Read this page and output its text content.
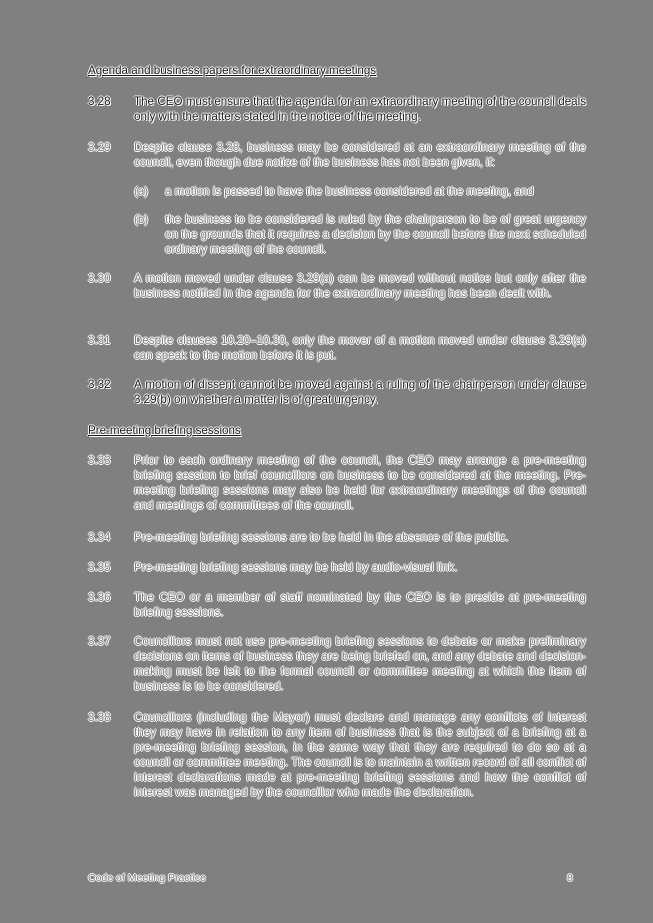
Agenda and business papers for extraordinary meetings
3.28 The CEO must ensure that the agenda for an extraordinary meeting of the council deals only with the matters stated in the notice of the meeting.
3.29 Despite clause 3.28, business may be considered at an extraordinary meeting of the council, even though due notice of the business has not been given, if:
(a) a motion is passed to have the business considered at the meeting, and
(b) the business to be considered is ruled by the chairperson to be of great urgency on the grounds that it requires a decision by the council before the next scheduled ordinary meeting of the council.
3.30 A motion moved under clause 3.29(a) can be moved without notice but only after the business notified in the agenda for the extraordinary meeting has been dealt with.
3.31 Despite clauses 10.20–10.30, only the mover of a motion moved under clause 3.29(a) can speak to the motion before it is put.
3.32 A motion of dissent cannot be moved against a ruling of the chairperson under clause 3.29(b) on whether a matter is of great urgency.
Pre-meeting briefing sessions
3.33 Prior to each ordinary meeting of the council, the CEO may arrange a pre-meeting briefing session to brief councillors on business to be considered at the meeting. Pre-meeting briefing sessions may also be held for extraordinary meetings of the council and meetings of committees of the council.
3.34 Pre-meeting briefing sessions are to be held in the absence of the public.
3.35 Pre-meeting briefing sessions may be held by audio-visual link.
3.36 The CEO or a member of staff nominated by the CEO is to preside at pre-meeting briefing sessions.
3.37 Councillors must not use pre-meeting briefing sessions to debate or make preliminary decisions on items of business they are being briefed on, and any debate and decision-making must be left to the formal council or committee meeting at which the item of business is to be considered.
3.38 Councillors (including the Mayor) must declare and manage any conflicts of interest they may have in relation to any item of business that is the subject of a briefing at a pre-meeting briefing session, in the same way that they are required to do so at a council or committee meeting. The council is to maintain a written record of all conflict of interest declarations made at pre-meeting briefing sessions and how the conflict of interest was managed by the councillor who made the declaration.
Code of Meeting Practice	8
